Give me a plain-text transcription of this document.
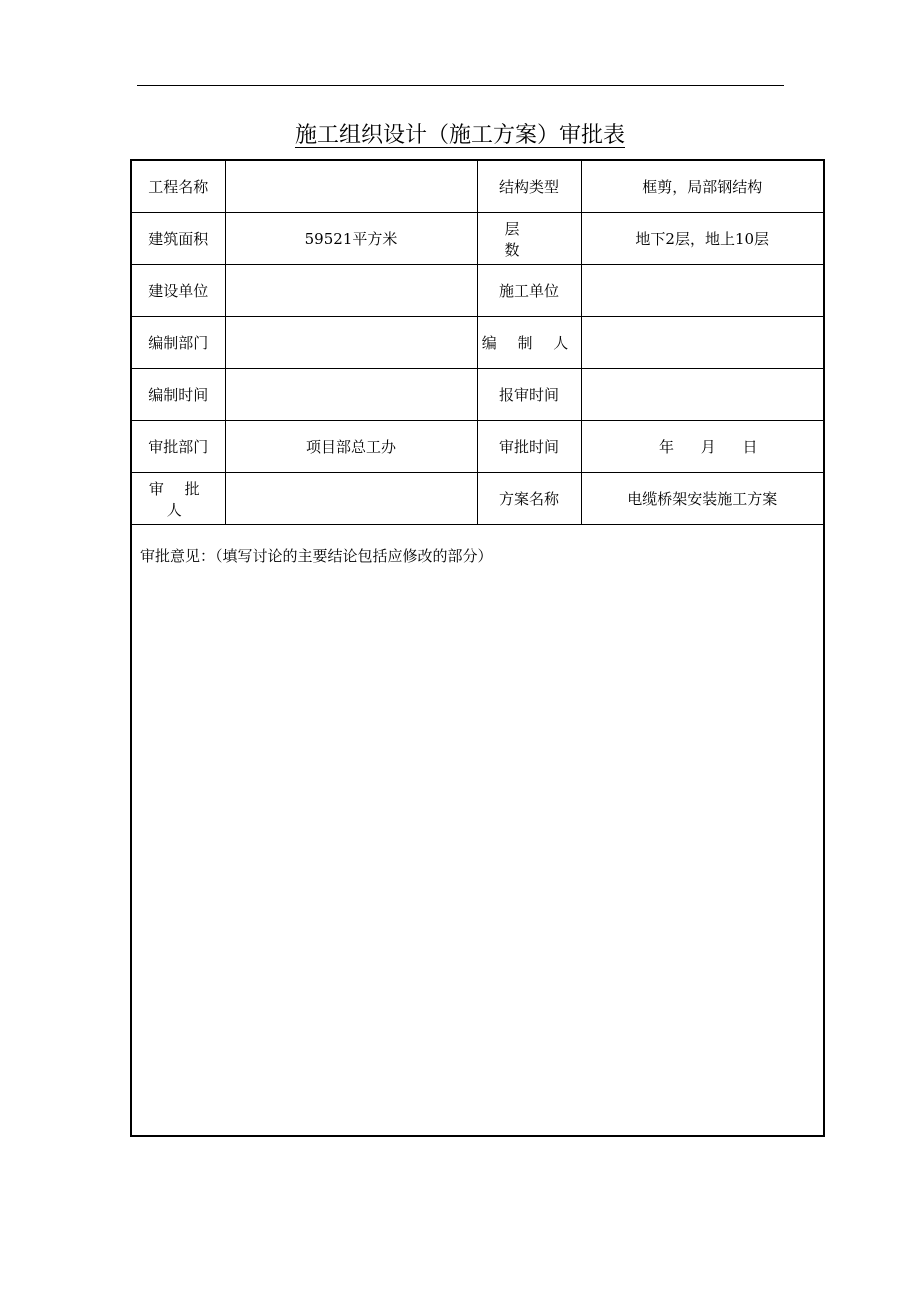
施工组织设计（施工方案）审批表
工程名称		结构类型	框剪，局部钢结构
建筑面积	59521平方米	层 数	地下2层，地上10层
建设单位		施工单位	
编制部门		编 制 人	
编制时间		报审时间	
审批部门	项目部总工办	审批时间	年 月 日
审 批 人		方案名称	电缆桥架安装施工方案
审批意见：（填写讨论的主要结论包括应修改的部分）			
